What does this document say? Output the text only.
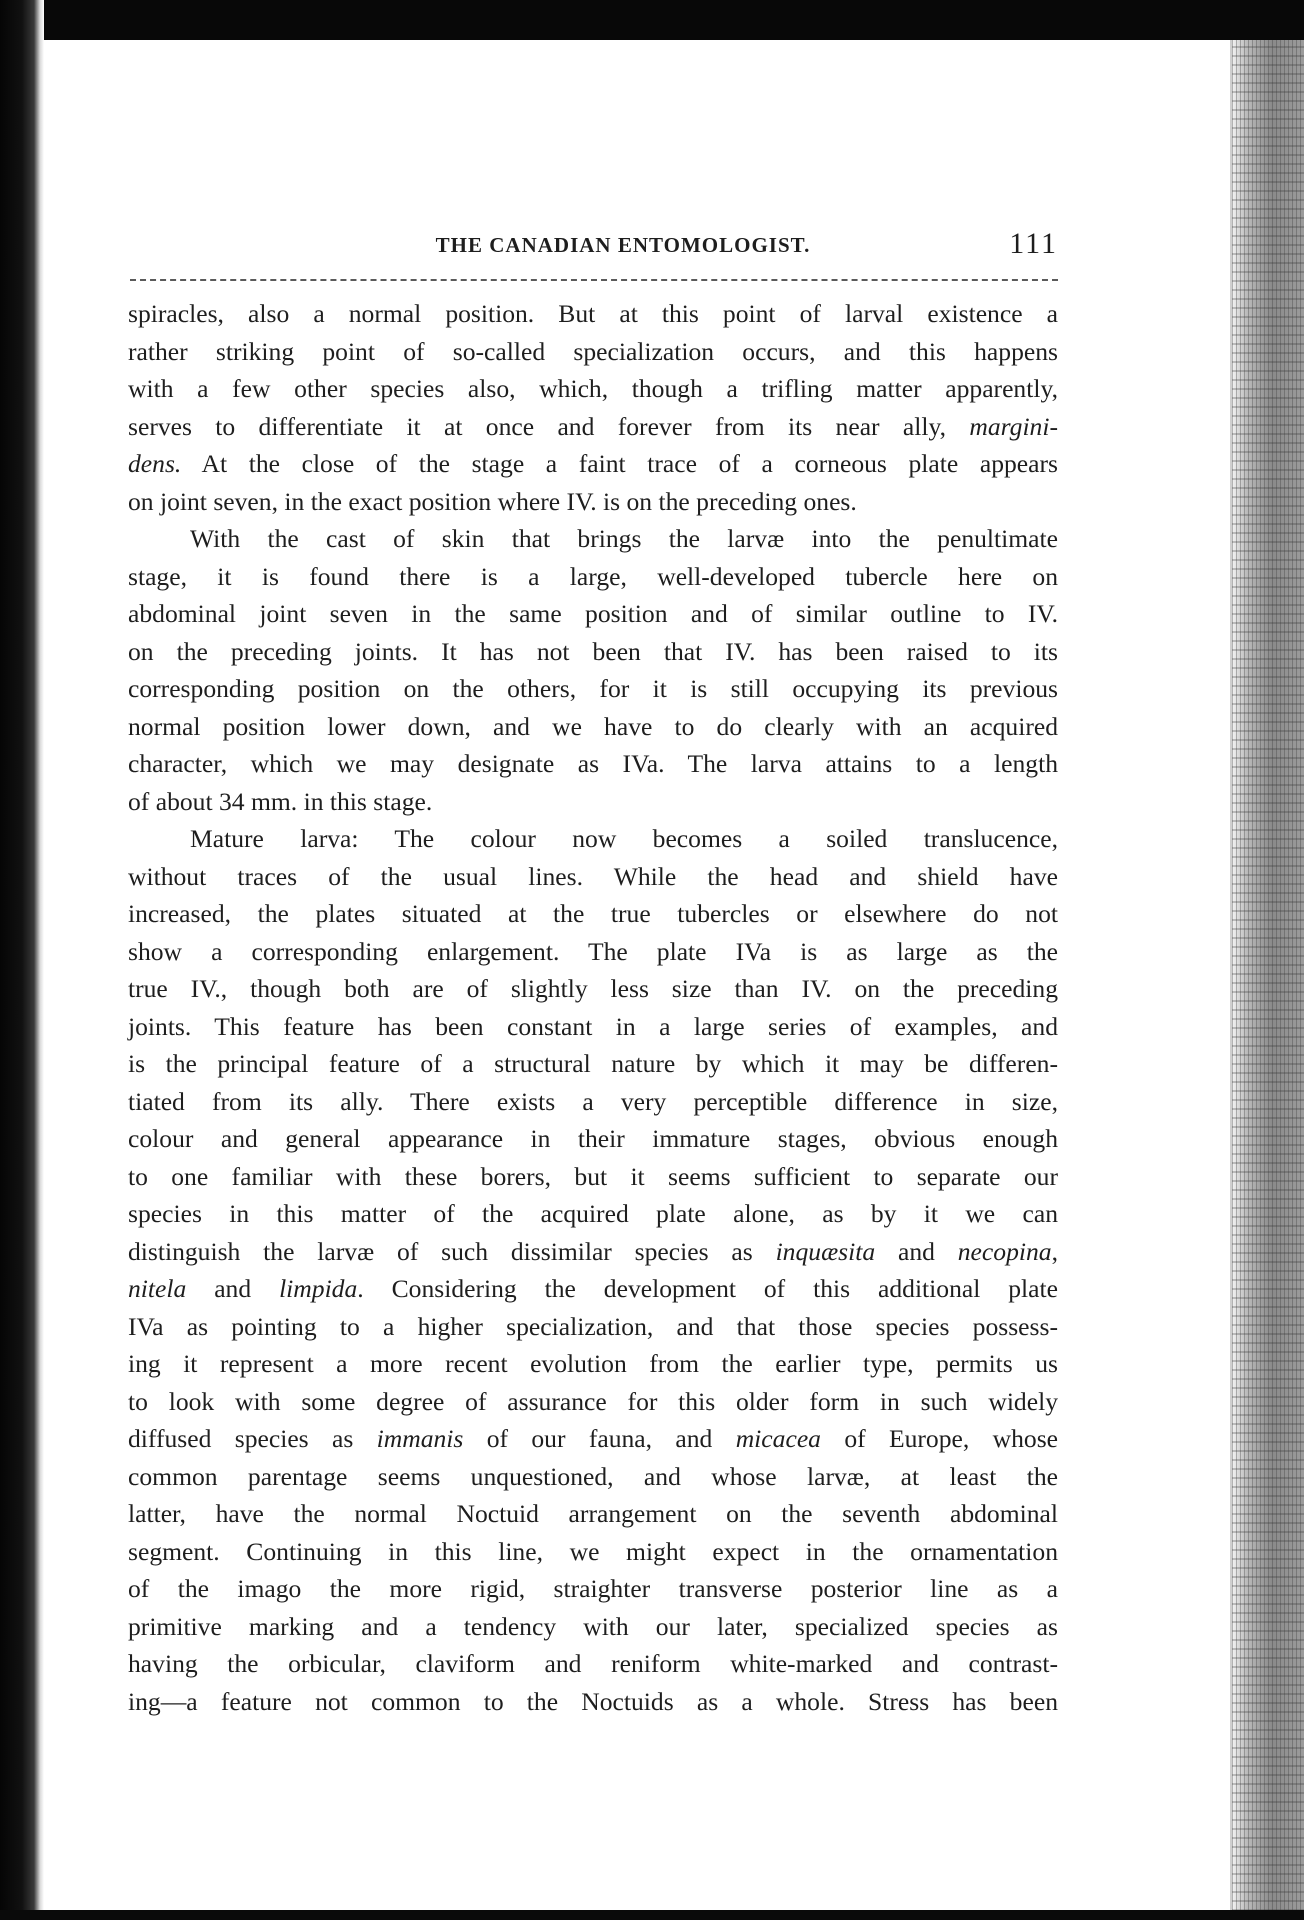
THE CANADIAN ENTOMOLOGIST.	111
spiracles, also a normal position. But at this point of larval existence a
rather striking point of so-called specialization occurs, and this happens
with a few other species also, which, though a trifling matter apparently,
serves to differentiate it at once and forever from its near ally, margini-
dens. At the close of the stage a faint trace of a corneous plate appears
on joint seven, in the exact position where IV. is on the preceding ones.
With the cast of skin that brings the larvæ into the penultimate
stage, it is found there is a large, well-developed tubercle here on
abdominal joint seven in the same position and of similar outline to IV.
on the preceding joints. It has not been that IV. has been raised to its
corresponding position on the others, for it is still occupying its previous
normal position lower down, and we have to do clearly with an acquired
character, which we may designate as IVa. The larva attains to a length
of about 34 mm. in this stage.
Mature larva: The colour now becomes a soiled translucence,
without traces of the usual lines. While the head and shield have
increased, the plates situated at the true tubercles or elsewhere do not
show a corresponding enlargement. The plate IVa is as large as the
true IV., though both are of slightly less size than IV. on the preceding
joints. This feature has been constant in a large series of examples, and
is the principal feature of a structural nature by which it may be differen-
tiated from its ally. There exists a very perceptible difference in size,
colour and general appearance in their immature stages, obvious enough
to one familiar with these borers, but it seems sufficient to separate our
species in this matter of the acquired plate alone, as by it we can
distinguish the larvæ of such dissimilar species as inquæsita and necopina,
nitela and limpida. Considering the development of this additional plate
IVa as pointing to a higher specialization, and that those species possess-
ing it represent a more recent evolution from the earlier type, permits us
to look with some degree of assurance for this older form in such widely
diffused species as immanis of our fauna, and micacea of Europe, whose
common parentage seems unquestioned, and whose larvæ, at least the
latter, have the normal Noctuid arrangement on the seventh abdominal
segment. Continuing in this line, we might expect in the ornamentation
of the imago the more rigid, straighter transverse posterior line as a
primitive marking and a tendency with our later, specialized species as
having the orbicular, claviform and reniform white-marked and contrast-
ing—a feature not common to the Noctuids as a whole. Stress has been
